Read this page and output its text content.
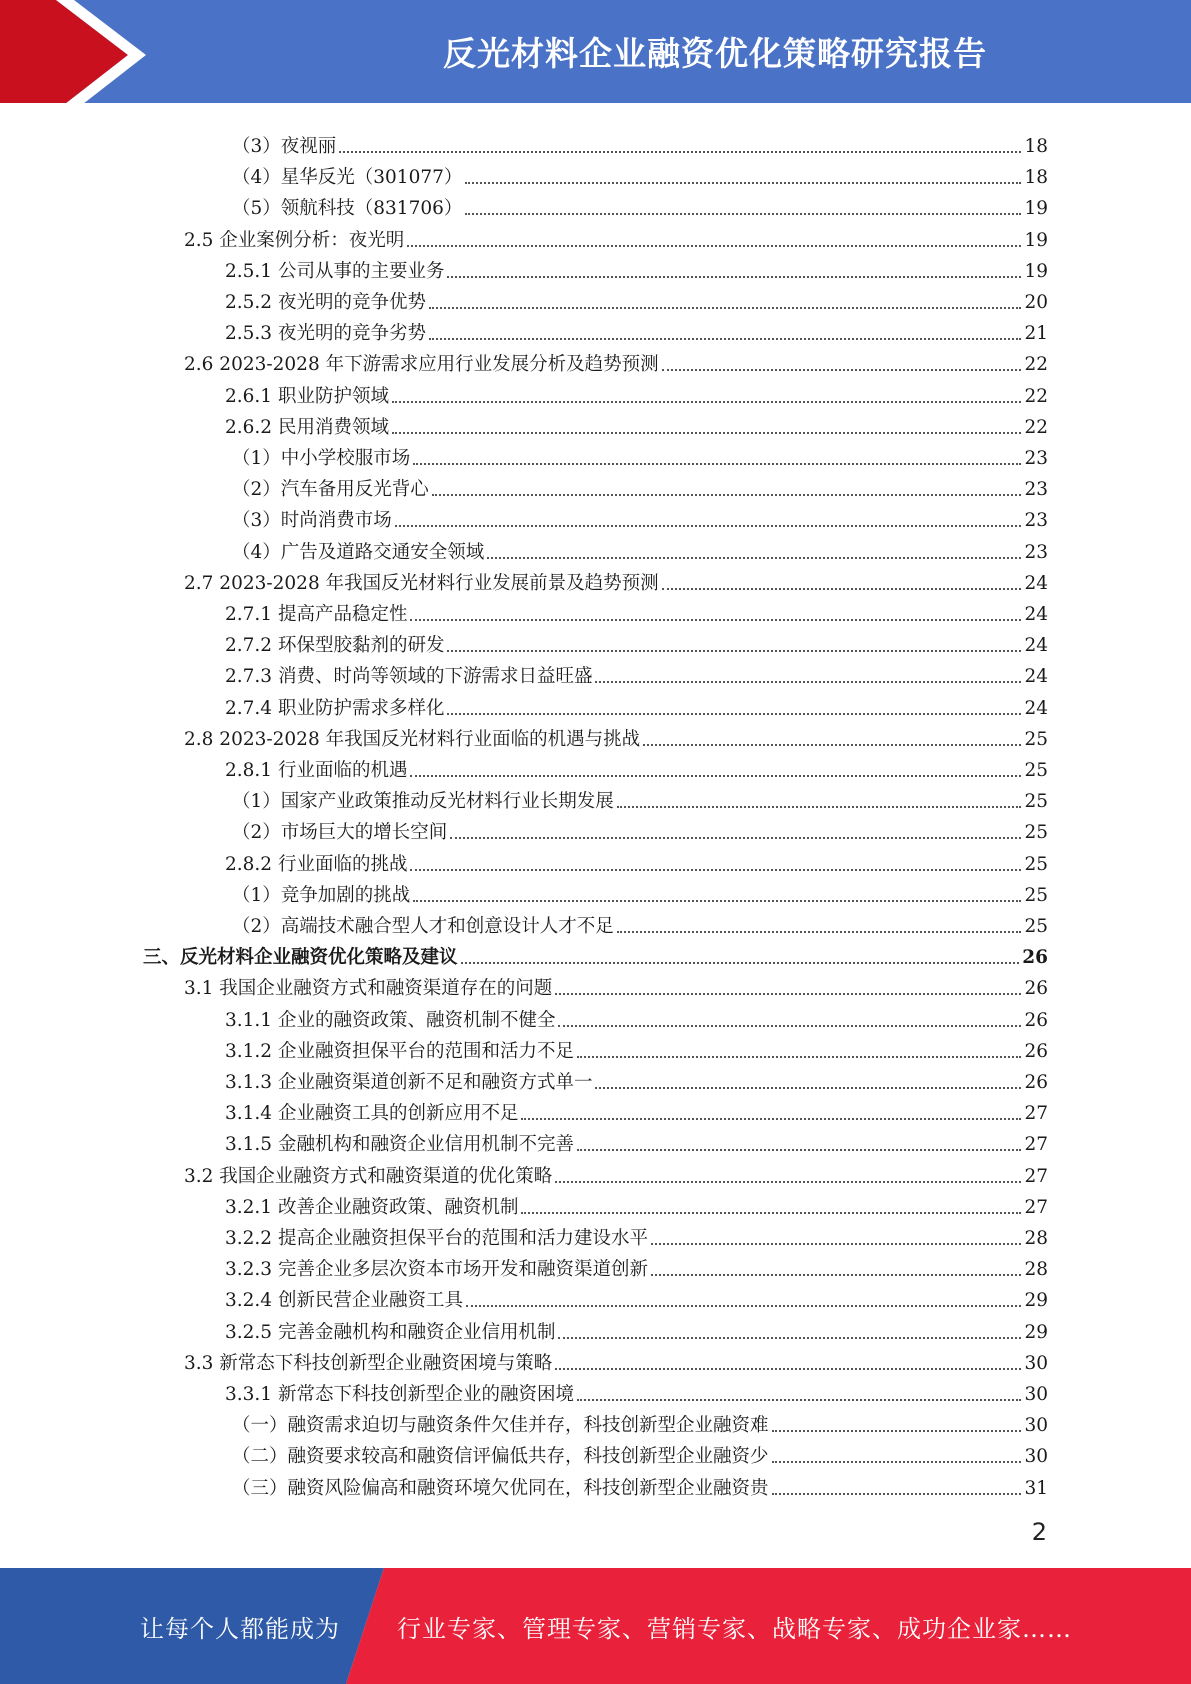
反光材料企业融资优化策略研究报告
（3）夜视丽	18
（4）星华反光（301077）	18
（5）领航科技（831706）	19
2.5 企业案例分析：夜光明	19
2.5.1 公司从事的主要业务	19
2.5.2 夜光明的竞争优势	20
2.5.3 夜光明的竞争劣势	21
2.6 2023-2028 年下游需求应用行业发展分析及趋势预测	22
2.6.1 职业防护领域	22
2.6.2 民用消费领域	22
（1）中小学校服市场	23
（2）汽车备用反光背心	23
（3）时尚消费市场	23
（4）广告及道路交通安全领域	23
2.7 2023-2028 年我国反光材料行业发展前景及趋势预测	24
2.7.1 提高产品稳定性	24
2.7.2 环保型胶黏剂的研发	24
2.7.3 消费、时尚等领域的下游需求日益旺盛	24
2.7.4 职业防护需求多样化	24
2.8 2023-2028 年我国反光材料行业面临的机遇与挑战	25
2.8.1 行业面临的机遇	25
（1）国家产业政策推动反光材料行业长期发展	25
（2）市场巨大的增长空间	25
2.8.2 行业面临的挑战	25
（1）竞争加剧的挑战	25
（2）高端技术融合型人才和创意设计人才不足	25
三、反光材料企业融资优化策略及建议	26
3.1 我国企业融资方式和融资渠道存在的问题	26
3.1.1 企业的融资政策、融资机制不健全	26
3.1.2 企业融资担保平台的范围和活力不足	26
3.1.3 企业融资渠道创新不足和融资方式单一	26
3.1.4 企业融资工具的创新应用不足	27
3.1.5 金融机构和融资企业信用机制不完善	27
3.2 我国企业融资方式和融资渠道的优化策略	27
3.2.1 改善企业融资政策、融资机制	27
3.2.2 提高企业融资担保平台的范围和活力建设水平	28
3.2.3 完善企业多层次资本市场开发和融资渠道创新	28
3.2.4 创新民营企业融资工具	29
3.2.5 完善金融机构和融资企业信用机制	29
3.3 新常态下科技创新型企业融资困境与策略	30
3.3.1 新常态下科技创新型企业的融资困境	30
（一）融资需求迫切与融资条件欠佳并存，科技创新型企业融资难	30
（二）融资要求较高和融资信评偏低共存，科技创新型企业融资少	30
（三）融资风险偏高和融资环境欠优同在，科技创新型企业融资贵	31
2
让每个人都能成为 行业专家、管理专家、营销专家、战略专家、成功企业家……
